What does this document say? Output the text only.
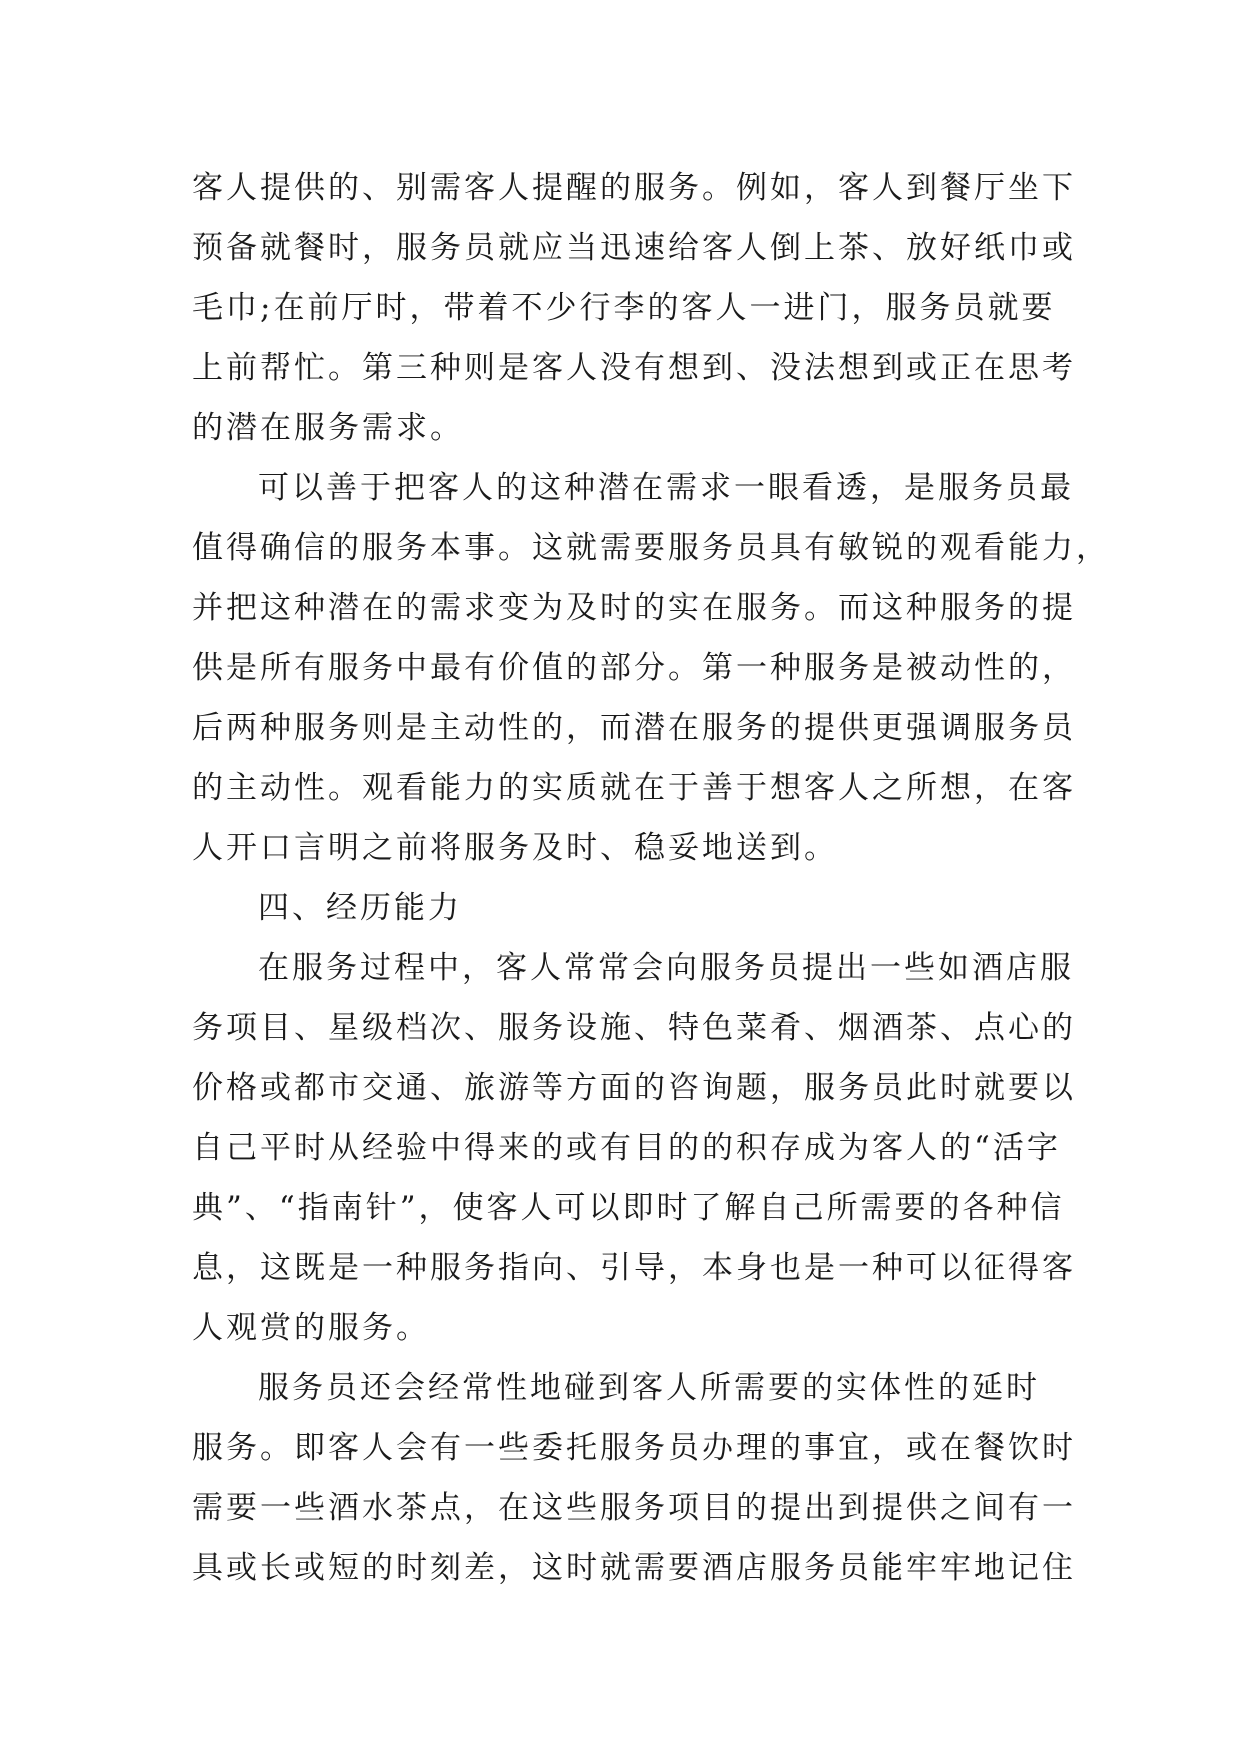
客人提供的、别需客人提醒的服务。例如，客人到餐厅坐下
预备就餐时，服务员就应当迅速给客人倒上茶、放好纸巾或
毛巾;在前厅时，带着不少行李的客人一进门，服务员就要
上前帮忙。第三种则是客人没有想到、没法想到或正在思考
的潜在服务需求。
可以善于把客人的这种潜在需求一眼看透，是服务员最
值得确信的服务本事。这就需要服务员具有敏锐的观看能力，
并把这种潜在的需求变为及时的实在服务。而这种服务的提
供是所有服务中最有价值的部分。第一种服务是被动性的，
后两种服务则是主动性的，而潜在服务的提供更强调服务员
的主动性。观看能力的实质就在于善于想客人之所想，在客
人开口言明之前将服务及时、稳妥地送到。
四、经历能力
在服务过程中，客人常常会向服务员提出一些如酒店服
务项目、星级档次、服务设施、特色菜肴、烟酒茶、点心的
价格或都市交通、旅游等方面的咨询题，服务员此时就要以
自己平时从经验中得来的或有目的的积存成为客人的“活字
典”、“指南针”，使客人可以即时了解自己所需要的各种信
息，这既是一种服务指向、引导，本身也是一种可以征得客
人观赏的服务。
服务员还会经常性地碰到客人所需要的实体性的延时
服务。即客人会有一些委托服务员办理的事宜，或在餐饮时
需要一些酒水茶点，在这些服务项目的提出到提供之间有一
具或长或短的时刻差，这时就需要酒店服务员能牢牢地记住
